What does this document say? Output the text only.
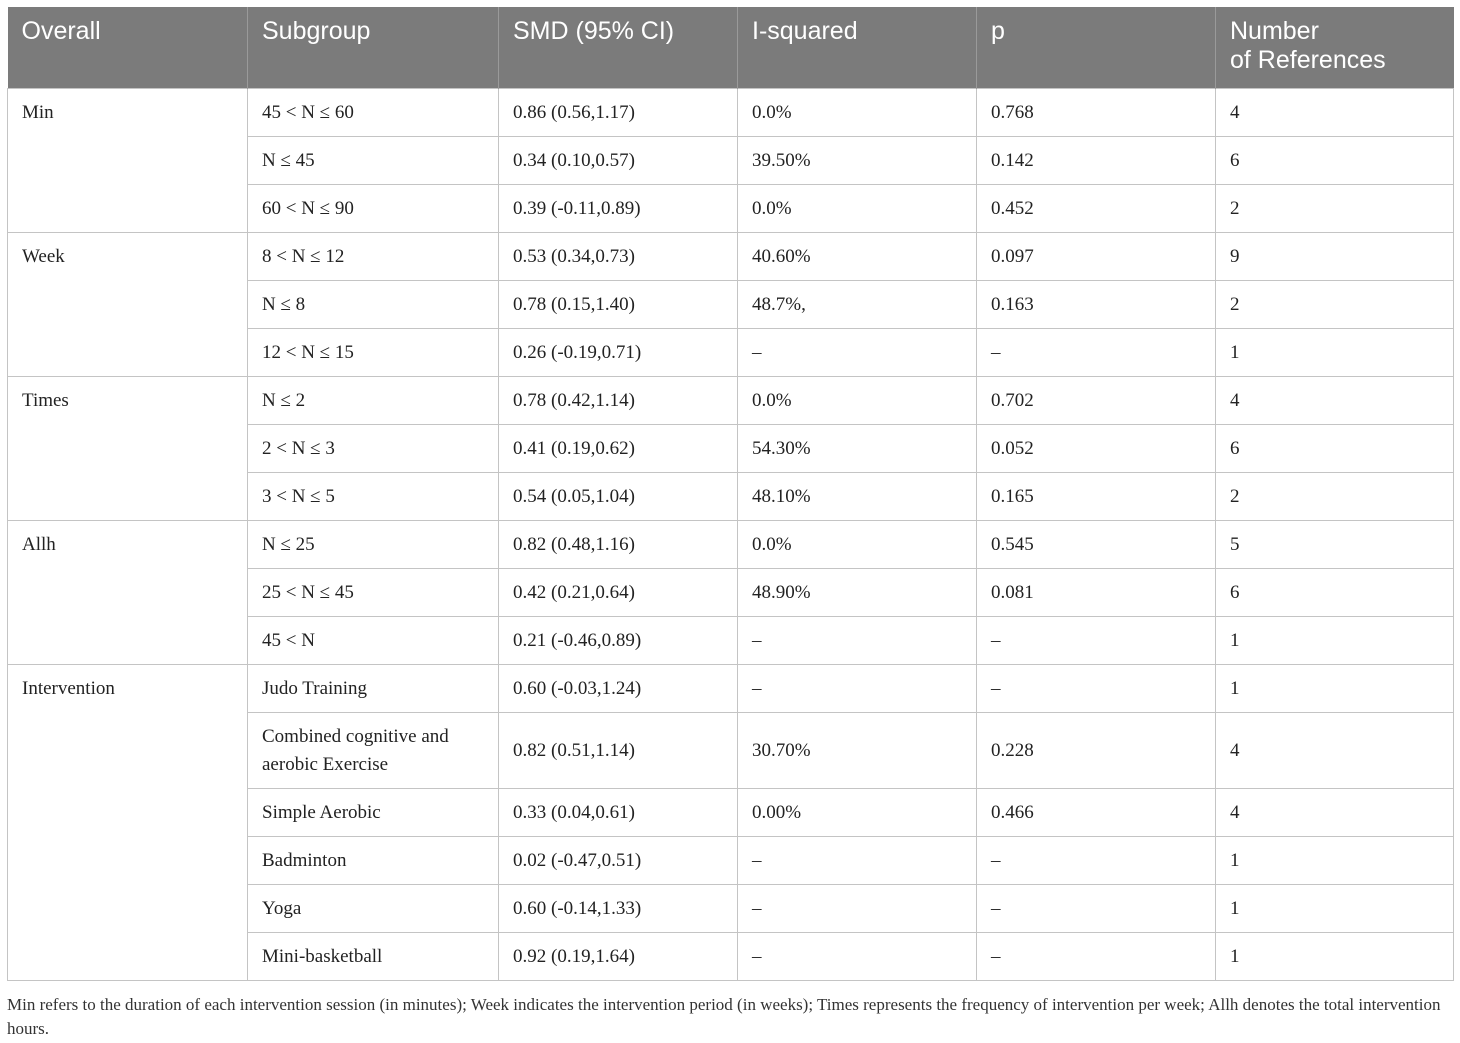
Overall	Subgroup	SMD (95% CI)	I-squared	p	Number
of References
Min	45 < N ≤ 60	0.86 (0.56,1.17)	0.0%	0.768	4
	N ≤ 45	0.34 (0.10,0.57)	39.50%	0.142	6
	60 < N ≤ 90	0.39 (-0.11,0.89)	0.0%	0.452	2
Week	8 < N ≤ 12	0.53 (0.34,0.73)	40.60%	0.097	9
	N ≤ 8	0.78 (0.15,1.40)	48.7%,	0.163	2
	12 < N ≤ 15	0.26 (-0.19,0.71)	–	–	1
Times	N ≤ 2	0.78 (0.42,1.14)	0.0%	0.702	4
	2 < N ≤ 3	0.41 (0.19,0.62)	54.30%	0.052	6
	3 < N ≤ 5	0.54 (0.05,1.04)	48.10%	0.165	2
Allh	N ≤ 25	0.82 (0.48,1.16)	0.0%	0.545	5
	25 < N ≤ 45	0.42 (0.21,0.64)	48.90%	0.081	6
	45 < N	0.21 (-0.46,0.89)	–	–	1
Intervention	Judo Training	0.60 (-0.03,1.24)	–	–	1
	Combined cognitive and
aerobic Exercise	0.82 (0.51,1.14)	30.70%	0.228	4
	Simple Aerobic	0.33 (0.04,0.61)	0.00%	0.466	4
	Badminton	0.02 (-0.47,0.51)	–	–	1
	Yoga	0.60 (-0.14,1.33)	–	–	1
	Mini-basketball	0.92 (0.19,1.64)	–	–	1

Min refers to the duration of each intervention session (in minutes); Week indicates the intervention period (in weeks); Times represents the frequency of intervention per week; Allh denotes the total intervention hours.
